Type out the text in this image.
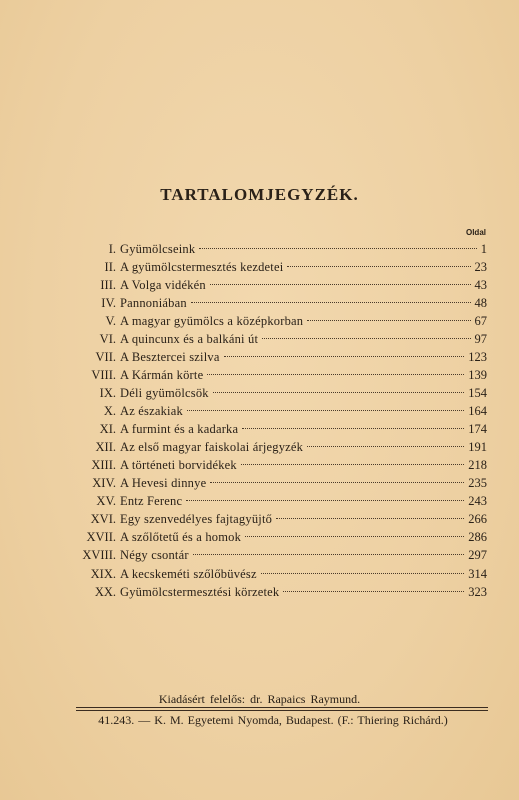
TARTALOMJEGYZÉK.
Oldal
I. Gyümölcseink	1
II. A gyümölcstermesztés kezdetei	23
III. A Volga vidékén	43
IV. Pannoniában	48
V. A magyar gyümölcs a középkorban	67
VI. A quincunx és a balkáni út	97
VII. A Besztercei szilva	123
VIII. A Kármán körte	139
IX. Déli gyümölcsök	154
X. Az északiak	164
XI. A furmint és a kadarka	174
XII. Az első magyar faiskolai árjegyzék	191
XIII. A történeti borvidékek	218
XIV. A Hevesi dinnye	235
XV. Entz Ferenc	243
XVI. Egy szenvedélyes fajtagyüjtő	266
XVII. A szőlőtetű és a homok	286
XVIII. Négy csontár	297
XIX. A kecskeméti szőlőbüvész	314
XX. Gyümölcstermesztési körzetek	323
Kiadásért felelős: dr. Rapaics Raymund.
41.243. — K. M. Egyetemi Nyomda, Budapest. (F.: Thiering Richárd.)
